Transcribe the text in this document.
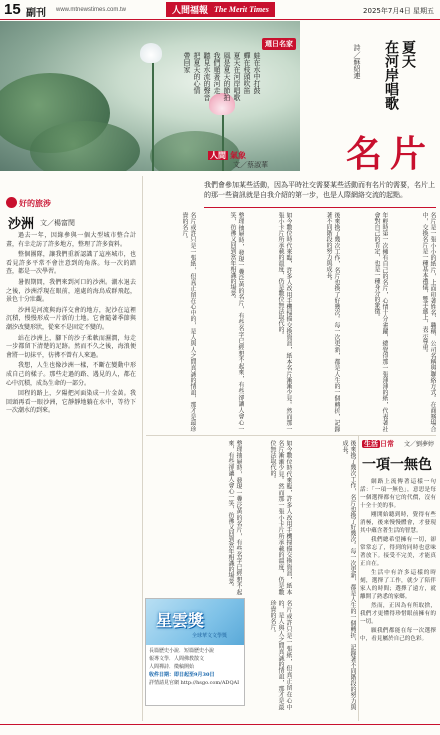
15 副刊 www.mtnewstimes.com.tw	人間福報 The Merit Times	2025年7月4日 星期五
週日名家
蛙在水中打鼓
蟬在枝頭吹笛
夏天在河岸唱歌
風是夏天的節拍
我們順著河走
聽見水流的聲音
把夏天的心情
帶回家	夏天
在河岸唱歌
詩／蘇紹連
人間 氣象
文／蔡淑華 名片
我們會參加某些活動，因為平時社交需要某些活動而有名片的需要，名片上的那一些資訊就是自我介紹的第一步，也是人際網絡交流的起點。
名片是一張小小的紙片，上面印著姓名、職稱、公司名稱與聯絡方式。在商務場合中，交換名片是一種基本禮儀，雙手遞上，表示尊重。
年輕時第一次擁有自己的名片，心情十分雀躍，總覺得那一張薄薄的紙，代表著社會對自己的肯定，也是一種身分的象徵。
後來換了幾次工作，名片也換了好幾次。每一次更新，都是人生的一個轉折，記錄著不同階段的努力與成長。
如今數位時代來臨，許多人改用手機掃描交換資訊，紙本名片漸漸少見。然而那一張小卡片所承載的溫度，仍是數位無法取代的。
整理抽屜時，發現一疊泛黃的名片，有些名字已經想不起來，有些卻讓人會心一笑，彷彿又回到當年相識的場景。
名片或許只是一張紙，但真正留在心中的，是人與人之間真誠的情誼，那才是最珍貴的名片。
後來換了幾次工作，名片也換了好幾次。每一次更新，都是人生的一個轉折，記錄著不同階段的努力與成長。
如今數位時代來臨，許多人改用手機掃描交換資訊，紙本名片漸漸少見。然而那一張小卡片所承載的溫度，仍是數位無法取代的。
整理抽屜時，發現一疊泛黃的名片，有些名字已經想不起來，有些卻讓人會心一笑，彷彿又回到當年相識的場景。
名片或許只是一張紙，但真正留在心中的，是人與人之間真誠的情誼，那才是最珍貴的名片。
好的旅涉
沙洲 文／楊富閔

過去一年，因緣參與一個大型城市整合計畫，有幸走訪了許多地方，整理了許多資料。

整個團隊，讓我們重新認識了這座城市，也看見許多平常不會注意到的角落。每一次的踏查，都是一次學習。

暑假期間，我們來到河口的沙洲。潮水退去之後，沙洲浮現在眼前，遠處的海鳥成群飛起，景色十分壯觀。

沙洲是河流與海洋交會的地方，泥沙在這裡沉積，慢慢形成一片新的土地。它會隨著季節與潮汐改變形狀，從來不是固定不變的。

站在沙洲上，腳下的沙子柔軟而濕潤，每走一步都留下清楚的足跡。然而不久之後，海浪便會將一切抹平，彷彿不曾有人來過。

我想，人生也像沙洲一樣，不斷在變動中形成自己的樣子。那些走過的路、遇見的人，都在心中沉積，成為生命的一部分。

回程的路上，夕陽把河面染成一片金黃。我回頭再看一眼沙洲，它靜靜地躺在水中，等待下一次潮水的到來。

生活 日常 文／劉夢婷
一項一無色

網路上流傳著這樣一句話：「一項一無色」，意思是每一個選擇都有它的代價，沒有十全十美的事。

剛開始聽到時，覺得有些消極，後來慢慢體會，才發現其中蘊含著生活的智慧。

我們總希望擁有一切，卻常常忘了，得到的同時也意味著放下。接受不完美，才能真正自在。

生活中有許多這樣的時刻，選擇了工作，就少了陪伴家人的時間；選擇了遠方，就離開了熟悉的家鄉。

然而，正因為有所取捨，我們才更懂得珍惜眼前擁有的一切。

願我們都能在每一次選擇中，看見屬於自己的色彩。

星雲獎
全球華文文學獎
長篇歷史小說．短篇歷史小說
報導文學．人間佛教散文
人間禪詩．徵稿開始
收件日期：即日起至9月30日
詳情請見官網 http://hsgo.com/ADQAI
